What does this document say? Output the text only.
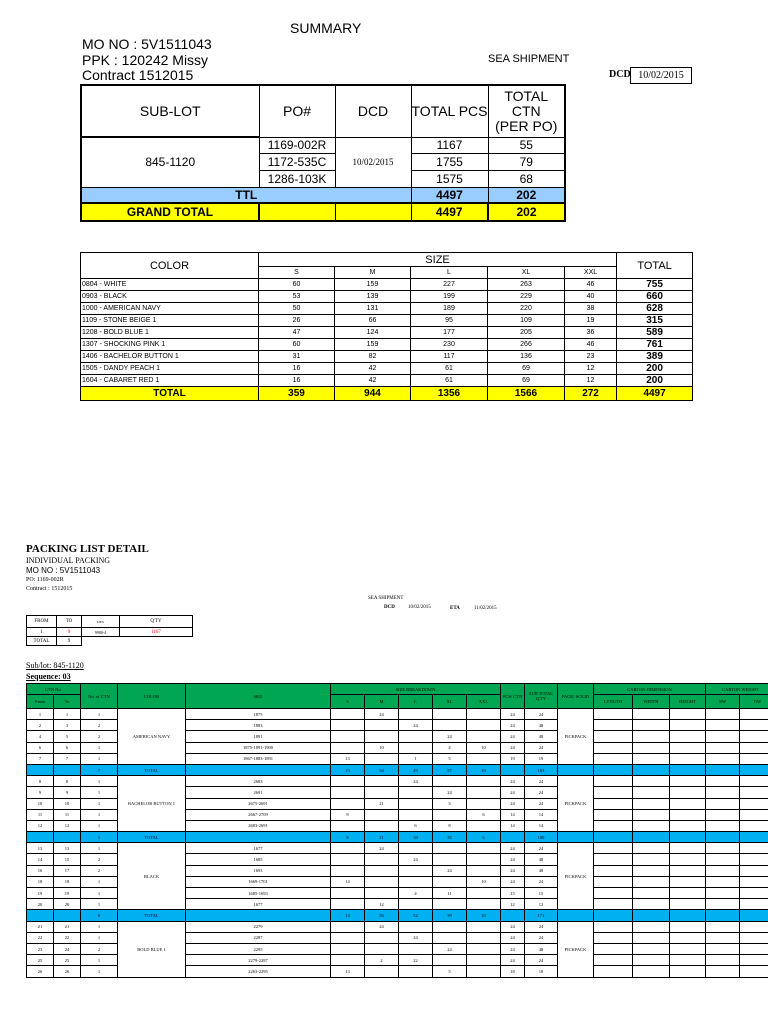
SUMMARY
MO NO : 5V1511043
PPK : 120242 Missy
Contract 1512015
SEA SHIPMENT
DCD 10/02/2015
SUB-LOT	PO#	DCD	TOTAL PCS	TOTAL CTN
(PER PO)
845-1120	1169-002R	10/02/2015	1167	55
	1172-535C		1755	79
	1286-103K		1575	68
TTL			4497	202
GRAND TOTAL			4497	202
COLOR	SIZE					TOTAL
	S	M	L	XL	XXL	
0804 - WHITE	60	159	227	263	46	755
0903 - BLACK	53	139	199	229	40	660
1000 - AMERICAN NAVY	50	131	189	220	38	628
1109 - STONE BEIGE 1	26	66	95	109	19	315
1208 - BOLD BLUE 1	47	124	177	205	36	589
1307 - SHOCKING PINK 1	60	159	230	266	46	761
1406 - BACHELOR BUTTON 1	31	82	117	136	23	389
1505 - DANDY PEACH 1	16	42	61	69	12	200
1604 - CABARET RED 1	16	42	61	69	12	200
TOTAL	359	944	1356	1566	272	4497
PACKING LIST DETAIL
INDIVIDUAL PACKING
MO NO : 5V1511043
PO: 1169-002R
Contract : 1512015
SEA SHIPMENT
DCD	10/02/2015	ETA	11/02/2015
FROM	TO	DES	Q'TY
1	9	9980-4	1167
TOTAL	9		
Sub/lot: 845-1120
Sequence: 03
CTN No.		No. of CTN	COLOR	SKU	SIZE BREAKDOWN					PCS/ CTN	SUB TOTAL Q'TY	PACK/ SOLID	CARTON DIMENSION			CARTON WEIGHT	
From	To				S	M	L	XL	XXL				LENGTH	WIDTH	HEIGHT	NW	GW
1	1	1	AMERICAN NAVY	1875		24				24	24	PICKPACK					
2	3	2		1883			24			24	48						
4	5	2		1891				24		24	48						
6	6	1		1875-1891-1900		10		4	10	24	24						
7	7	1		1867-1883-1891	13		1	5		19	19						
		7	TOTAL		13	34	49	57	10		163						
8	8	1	BACHELOR BUTTON 1	2683			24			24	24	PICKPACK					
9	9	1		2691				24		24	24						
10	10	1		2675-2691		21		3		24	24						
11	11	1		2667-2709	8				6	14	14						
12	12	1		2683-2691			6	8		14	14						
		5	TOTAL		8	21	30	35	6		100						
13	13	1	BLACK	1677		24				24	24	PICKPACK					
14	15	2		1685			24			24	48						
16	17	2		1693				24		24	48						
18	18	1		1669-1701	14				10	24	24						
19	19	1		1685-1693			4	11		15	15						
20	20	1		1677		12				12	12						
		8	TOTAL		14	36	52	59	10		171						
21	21	1	BOLD BLUE 1	2279		24				24	24	PICKPACK					
22	22	1		2287			24			24	24						
23	24	2		2295				24		24	48						
25	25	1		2279-2287		2	22			24	24						
26	26	1		2263-2295	13			5		18	18						
